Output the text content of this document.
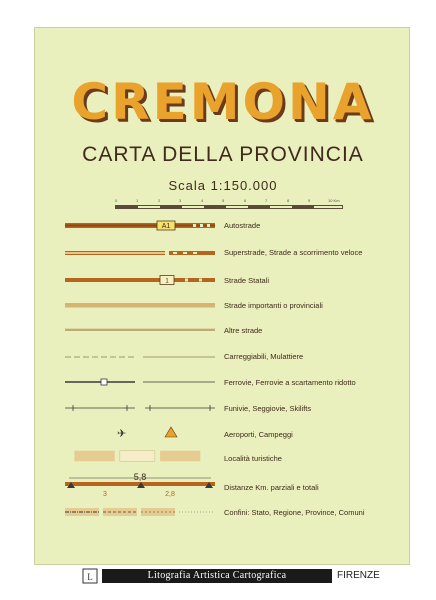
CREMONA
CARTA DELLA PROVINCIA
Scala 1:150.000
0	1	2	3	4	5	6	7	8	9	10 Km
A1	Autostrade
Superstrade, Strade a scorrimento veloce
1	Strade Statali
Strade importanti o provinciali
Altre strade
Carreggiabili, Mulattiere
Ferrovie, Ferrovie a scartamento ridotto
Funivie, Seggiovie, Skilifts
✈	Aeroporti, Campeggi
Località turistiche
5,8
3	2,8
Distanze Km. parziali e totali
Confini: Stato, Regione, Province, Comuni
L	Litografia Artistica Cartografica	FIRENZE
